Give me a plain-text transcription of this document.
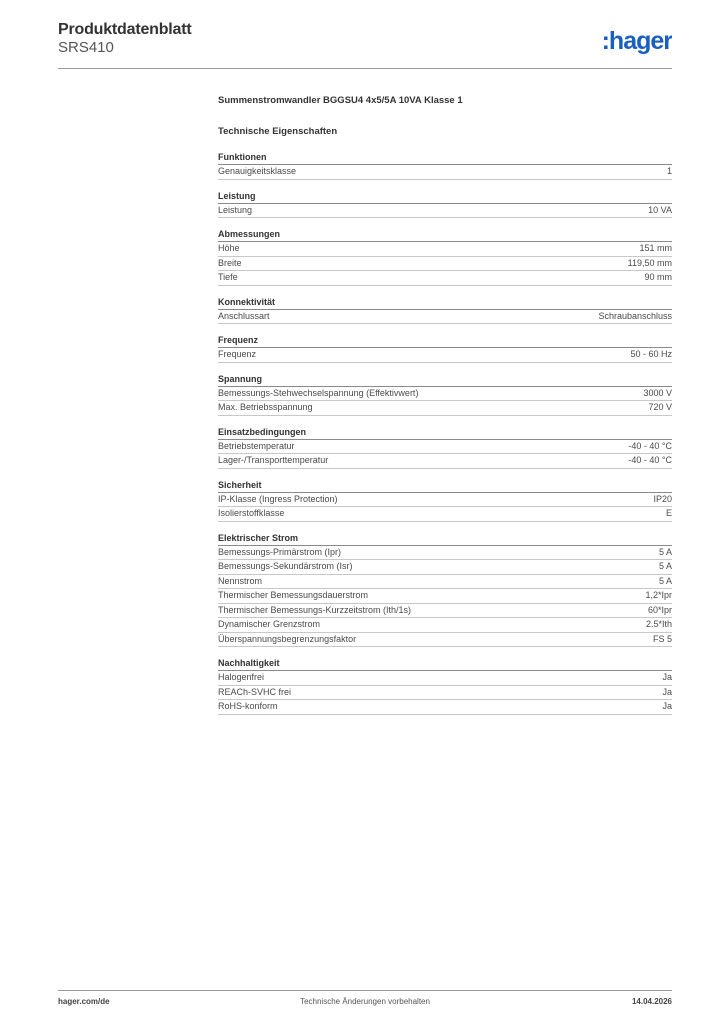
Produktdatenblatt
SRS410	:hager
Summenstromwandler BGGSU4 4x5/5A 10VA Klasse 1
Technische Eigenschaften
Funktionen
Genauigkeitsklasse	1
Leistung
Leistung	10 VA
Abmessungen
Höhe	151 mm
Breite	119,50 mm
Tiefe	90 mm
Konnektivität
Anschlussart	Schraubanschluss
Frequenz
Frequenz	50 - 60 Hz
Spannung
Bemessungs-Stehwechselspannung (Effektivwert)	3000 V
Max. Betriebsspannung	720 V
Einsatzbedingungen
Betriebstemperatur	-40 - 40 °C
Lager-/Transporttemperatur	-40 - 40 °C
Sicherheit
IP-Klasse (Ingress Protection)	IP20
Isolierstoffklasse	E
Elektrischer Strom
Bemessungs-Primärstrom (Ipr)	5 A
Bemessungs-Sekundärstrom (Isr)	5 A
Nennstrom	5 A
Thermischer Bemessungsdauerstrom	1,2*Ipr
Thermischer Bemessungs-Kurzzeitstrom (Ith/1s)	60*Ipr
Dynamischer Grenzstrom	2.5*Ith
Überspannungsbegrenzungsfaktor	FS 5
Nachhaltigkeit
Halogenfrei	Ja
REACh-SVHC frei	Ja
RoHS-konform	Ja
hager.com/de	Technische Änderungen vorbehalten	14.04.2026
